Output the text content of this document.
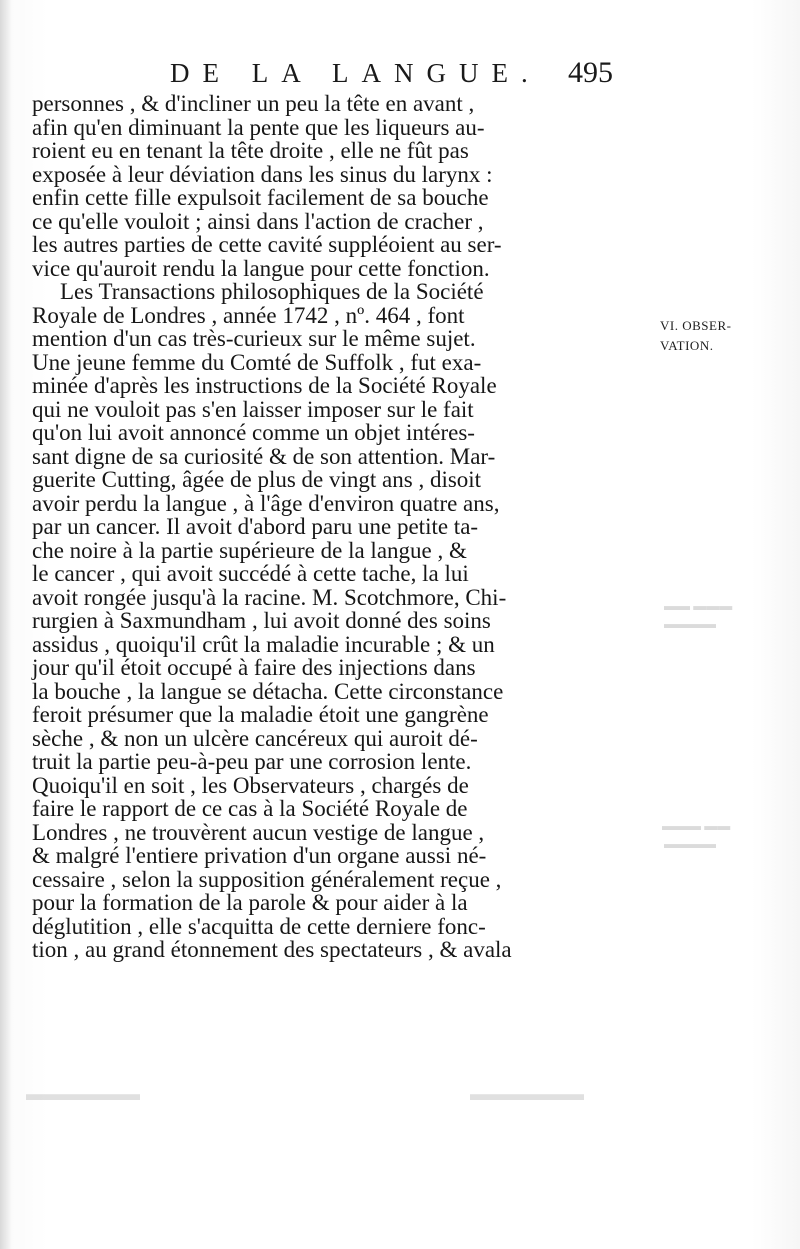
DE LA LANGUE. 495
personnes , & d'incliner un peu la tête en avant ,
afin qu'en diminuant la pente que les liqueurs au-
roient eu en tenant la tête droite , elle ne fût pas
exposée à leur déviation dans les sinus du larynx :
enfin cette fille expulsoit facilement de sa bouche
ce qu'elle vouloit ; ainsi dans l'action de cracher ,
les autres parties de cette cavité suppléoient au ser-
vice qu'auroit rendu la langue pour cette fonction.
Les Transactions philosophiques de la Société
Royale de Londres , année 1742 , nº. 464 , font
mention d'un cas très-curieux sur le même sujet.
Une jeune femme du Comté de Suffolk , fut exa-
minée d'après les instructions de la Société Royale
qui ne vouloit pas s'en laisser imposer sur le fait
qu'on lui avoit annoncé comme un objet intéres-
sant digne de sa curiosité & de son attention. Mar-
guerite Cutting, âgée de plus de vingt ans , disoit
avoir perdu la langue , à l'âge d'environ quatre ans,
par un cancer. Il avoit d'abord paru une petite ta-
che noire à la partie supérieure de la langue , &
le cancer , qui avoit succédé à cette tache, la lui
avoit rongée jusqu'à la racine. M. Scotchmore, Chi-
rurgien à Saxmundham , lui avoit donné des soins
assidus , quoiqu'il crût la maladie incurable ; & un
jour qu'il étoit occupé à faire des injections dans
la bouche , la langue se détacha. Cette circonstance
feroit présumer que la maladie étoit une gangrène
sèche , & non un ulcère cancéreux qui auroit dé-
truit la partie peu-à-peu par une corrosion lente.
Quoiqu'il en soit , les Observateurs , chargés de
faire le rapport de ce cas à la Société Royale de
Londres , ne trouvèrent aucun vestige de langue ,
& malgré l'entiere privation d'un organe aussi né-
cessaire , selon la supposition généralement reçue ,
pour la formation de la parole & pour aider à la
déglutition , elle s'acquitta de cette derniere fonc-
tion , au grand étonnement des spectateurs , & avala
VI. OBSER-
VATION.
▬▬▬ ▬▬
▬▬▬▬
▬▬ ▬▬▬
▬▬▬▬
▬▬▬▬▬▬	▬▬▬▬▬▬
